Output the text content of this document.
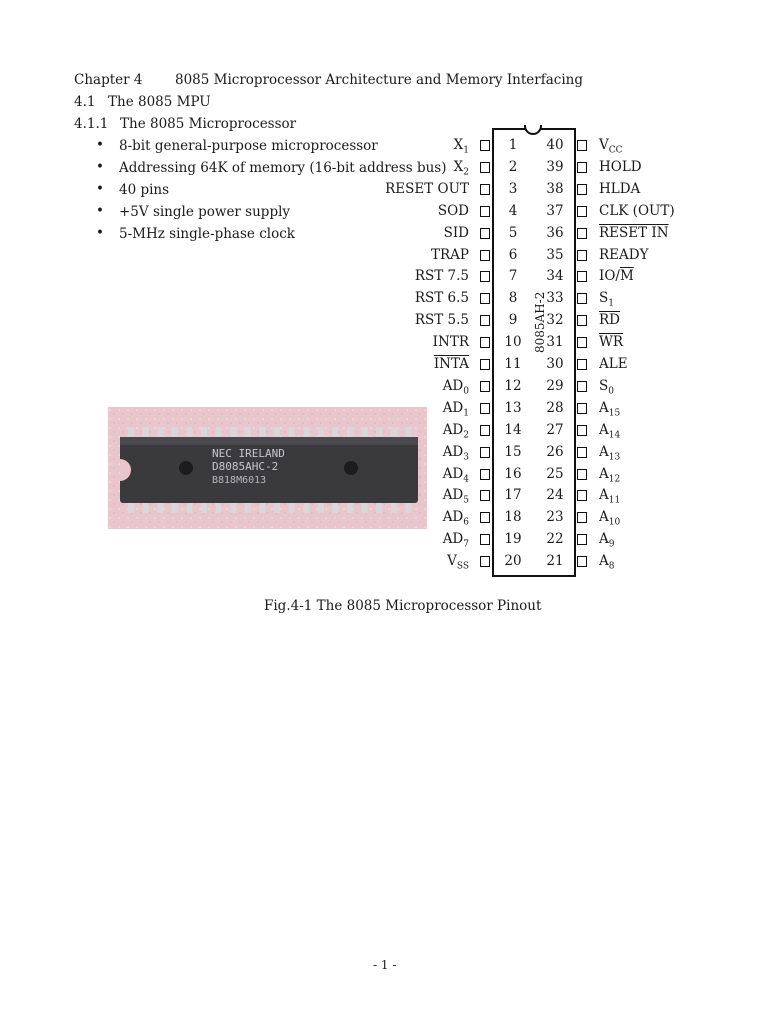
Chapter 4 8085 Microprocessor Architecture and Memory Interfacing
4.1 The 8085 MPU
4.1.1 The 8085 Microprocessor
• 8-bit general-purpose microprocessor
• Addressing 64K of memory (16-bit address bus)
• 40 pins
• +5V single power supply
• 5-MHz single-phase clock
8085AH-2
$X_1$	1
$X_2$	2
RESET OUT	3
SOD	4
SID	5
TRAP	6
RST 7.5	7
RST 6.5	8
RST 5.5	9
INTR	10
INTA	11
$AD_0$	12
$AD_1$	13
$AD_2$	14
$AD_3$	15
$AD_4$	16
$AD_5$	17
$AD_6$	18
$AD_7$	19
$V_{SS}$	20
40	$V_{CC}$
39	HOLD
38	HLDA
37	CLK (OUT)
36	RESET IN
35	READY
34	$IO/\overline{M}$
33	$S_1$
32	$\overline{RD}$
31	$\overline{WR}$
30	ALE
29	$S_0$
28	$A_{15}$
27	$A_{14}$
26	$A_{13}$
25	$A_{12}$
24	$A_{11}$
23	$A_{10}$
22	$A_9$
21	$A_8$
NEC IRELAND
D8085AHC-2
B818M6013
Fig.4-1 The 8085 Microprocessor Pinout
- 1 -
